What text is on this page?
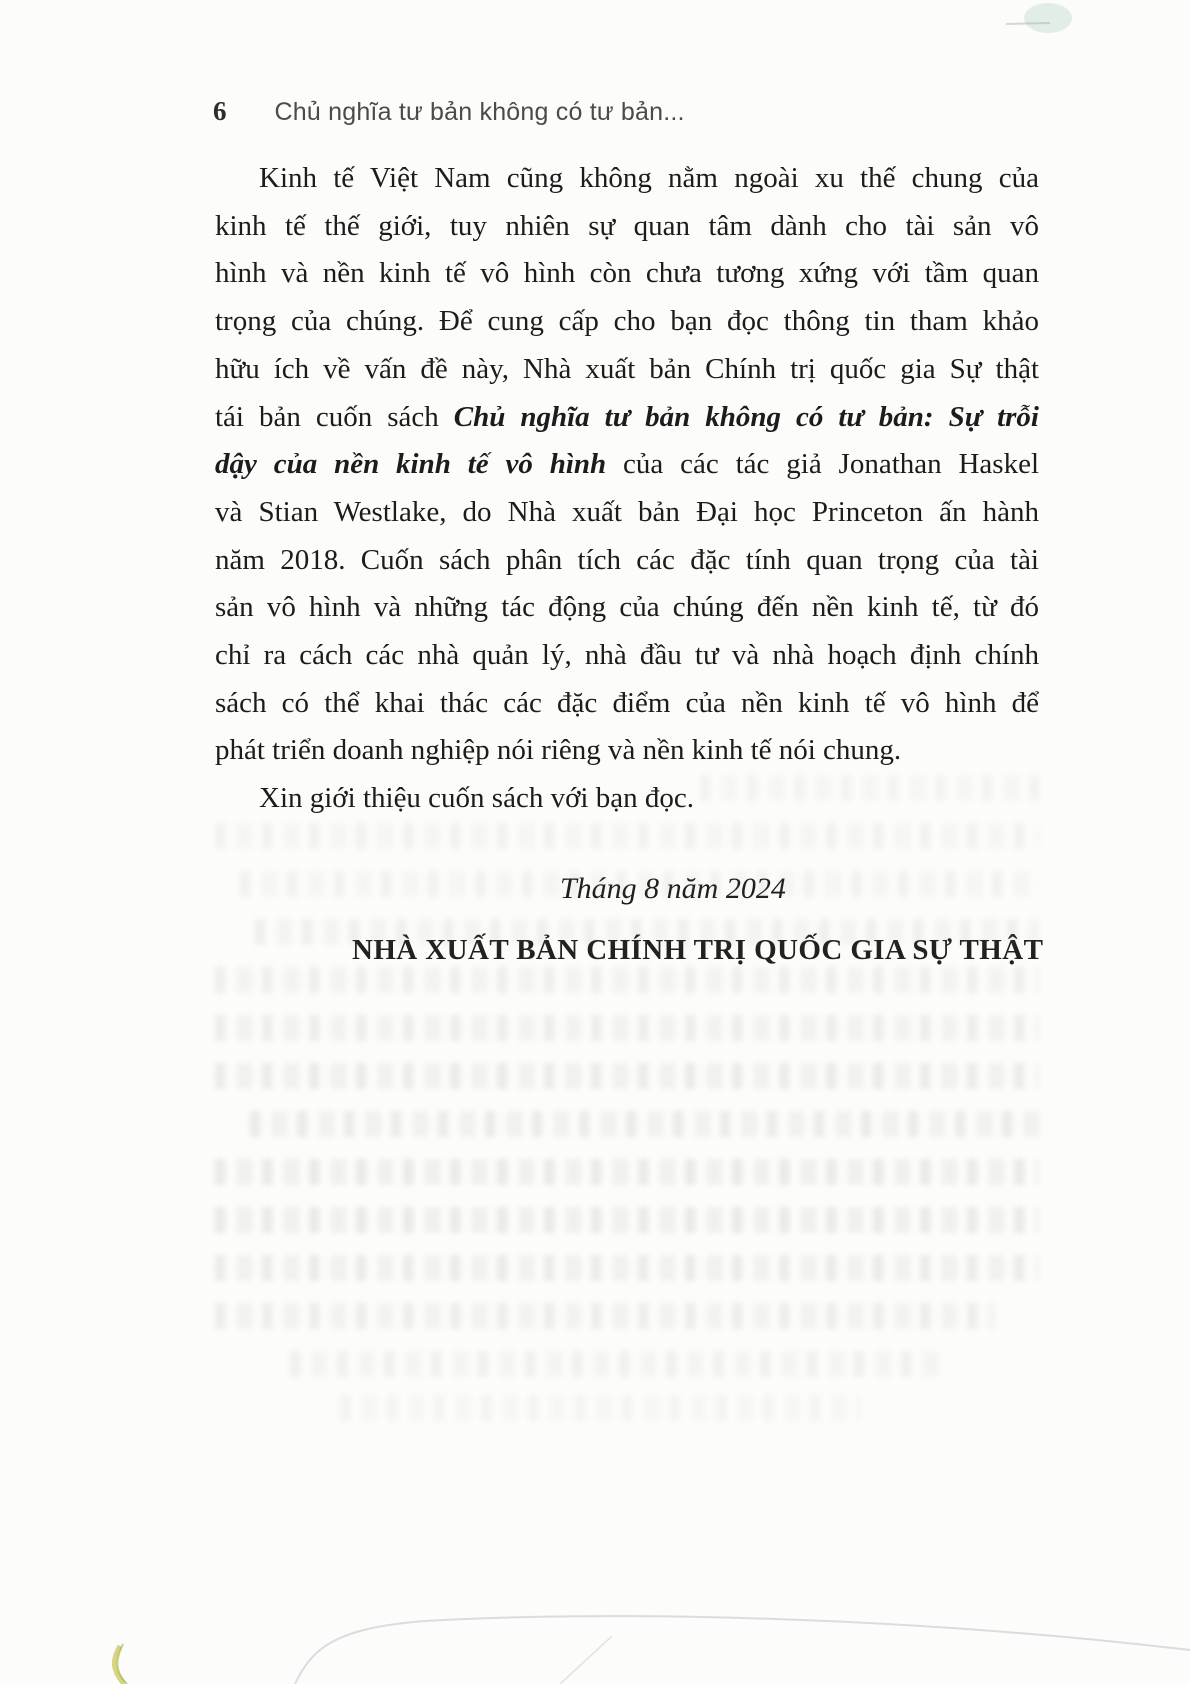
6 Chủ nghĩa tư bản không có tư bản...
Kinh tế Việt Nam cũng không nằm ngoài xu thế chung của
kinh tế thế giới, tuy nhiên sự quan tâm dành cho tài sản vô
hình và nền kinh tế vô hình còn chưa tương xứng với tầm quan
trọng của chúng. Để cung cấp cho bạn đọc thông tin tham khảo
hữu ích về vấn đề này, Nhà xuất bản Chính trị quốc gia Sự thật
tái bản cuốn sách Chủ nghĩa tư bản không có tư bản: Sự trỗi
dậy của nền kinh tế vô hình của các tác giả Jonathan Haskel
và Stian Westlake, do Nhà xuất bản Đại học Princeton ấn hành
năm 2018. Cuốn sách phân tích các đặc tính quan trọng của tài
sản vô hình và những tác động của chúng đến nền kinh tế, từ đó
chỉ ra cách các nhà quản lý, nhà đầu tư và nhà hoạch định chính
sách có thể khai thác các đặc điểm của nền kinh tế vô hình để
phát triển doanh nghiệp nói riêng và nền kinh tế nói chung.
Xin giới thiệu cuốn sách với bạn đọc.
Tháng 8 năm 2024
NHÀ XUẤT BẢN CHÍNH TRỊ QUỐC GIA SỰ THẬT
